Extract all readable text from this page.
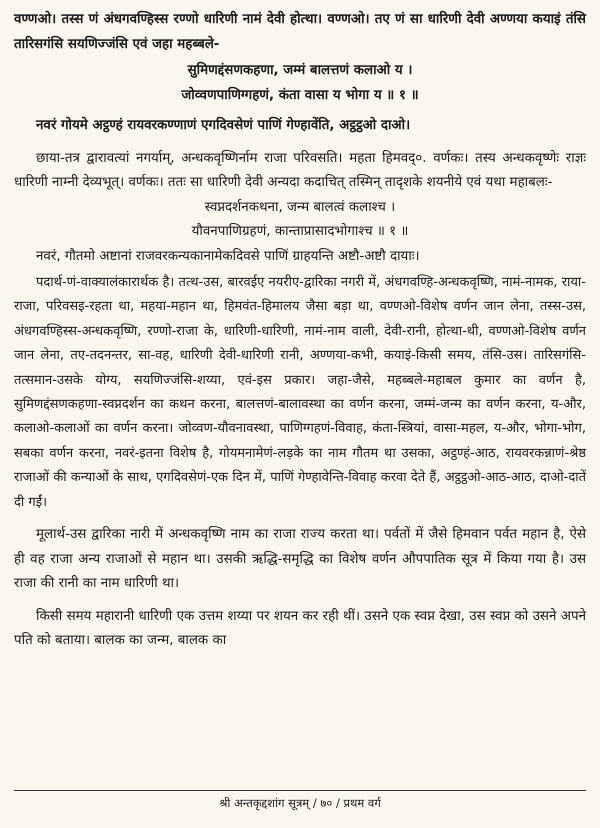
वण्णओ। तस्स णं अंधगवण्हिस्स रण्णो धारिणी नामं देवी होत्था। वण्णओ। तए णं सा धारिणी देवी अण्णया कयाइं तंसि तारिसगंसि सयणिज्जंसि एवं जहा महब्बले-

सुमिणद्दंसणकहणा, जम्मं बालत्तणं कलाओ य ।

जोव्वणपाणिग्गहणं, कंता वासा य भोगा य ॥ १ ॥

नवरं गोयमे अट्ठण्हं रायवरकण्णाणं एगदिवसेणं पाणिं गेण्हावेंति, अट्ठट्ठओ दाओ।

छाया-तत्र द्वारावत्यां नगर्याम्, अन्धकवृष्णिर्नाम राजा परिवसति। महता हिमवद्०. वर्णकः। तस्य अन्धकवृष्णेः राज्ञः धारिणी नाम्नी देव्यभूत्। वर्णकः। ततः सा धारिणी देवी अन्यदा कदाचित् तस्मिन् तादृशके शयनीये एवं यथा महाबलः-

स्वप्नदर्शनकथना, जन्म बालत्वं कलाश्च ।

यौवनपाणिग्रहणं, कान्ताप्रासादभोगाश्च ॥ १ ॥

नवरं, गौतमो अष्टानां राजवरकन्यकानामेकदिवसे पाणिं ग्राहयन्ति अष्टौ-अष्टौ दायाः।

पदार्थ-णं-वाक्यालंकारार्थक है। तत्थ-उस, बारवईए नयरीए-द्वारिका नगरी में, अंधगवण्हि-अन्धकवृष्णि, नामं-नामक, राया-राजा, परिवसइ-रहता था, महया-महान था, हिमवंत-हिमालय जैसा बड़ा था, वण्णओ-विशेष वर्णन जान लेना, तस्स-उस, अंधगवण्हिस्स-अन्धकवृष्णि, रण्णो-राजा के, धारिणी-धारिणी, नामं-नाम वाली, देवी-रानी, होत्था-थी, वण्णओ-विशेष वर्णन जान लेना, तए-तदनन्तर, सा-वह, धारिणी देवी-धारिणी रानी, अण्णया-कभी, कयाइं-किसी समय, तंसि-उस। तारिसगंसि-तत्समान-उसके योग्य, सयणिज्जंसि-शय्या, एवं-इस प्रकार। जहा-जैसे, महब्बले-महाबल कुमार का वर्णन है, सुमिणद्दंसणकहणा-स्वप्नदर्शन का कथन करना, बालत्तणं-बालावस्था का वर्णन करना, जम्मं-जन्म का वर्णन करना, य-और, कलाओ-कलाओं का वर्णन करना। जोव्वण-यौवनावस्था, पाणिग्गहणं-विवाह, कंता-स्त्रियां, वासा-महल, य-और, भोगा-भोग, सबका वर्णन करना, नवरं-इतना विशेष है, गोयमनामेणं-लड़के का नाम गौतम था उसका, अट्ठण्हं-आठ, रायवरकन्नाणं-श्रेष्ठ राजाओं की कन्याओं के साथ, एगदिवसेणं-एक दिन में, पाणिं गेण्हावेन्ति-विवाह करवा देते हैं, अट्ठट्ठओ-आठ-आठ, दाओ-दातें दी गईं।

मूलार्थ-उस द्वारिका नारी में अन्धकवृष्णि नाम का राजा राज्य करता था। पर्वतों में जैसे हिमवान पर्वत महान है, ऐसे ही वह राजा अन्य राजाओं से महान था। उसकी ऋद्धि-समृद्धि का विशेष वर्णन औपपातिक सूत्र में किया गया है। उस राजा की रानी का नाम धारिणी था।

किसी समय महारानी धारिणी एक उत्तम शय्या पर शयन कर रही थीं। उसने एक स्वप्न देखा, उस स्वप्न को उसने अपने पति को बताया। बालक का जन्म, बालक का

श्री अन्तकृद्दशांग सूत्रम् / ७० / प्रथम वर्ग
